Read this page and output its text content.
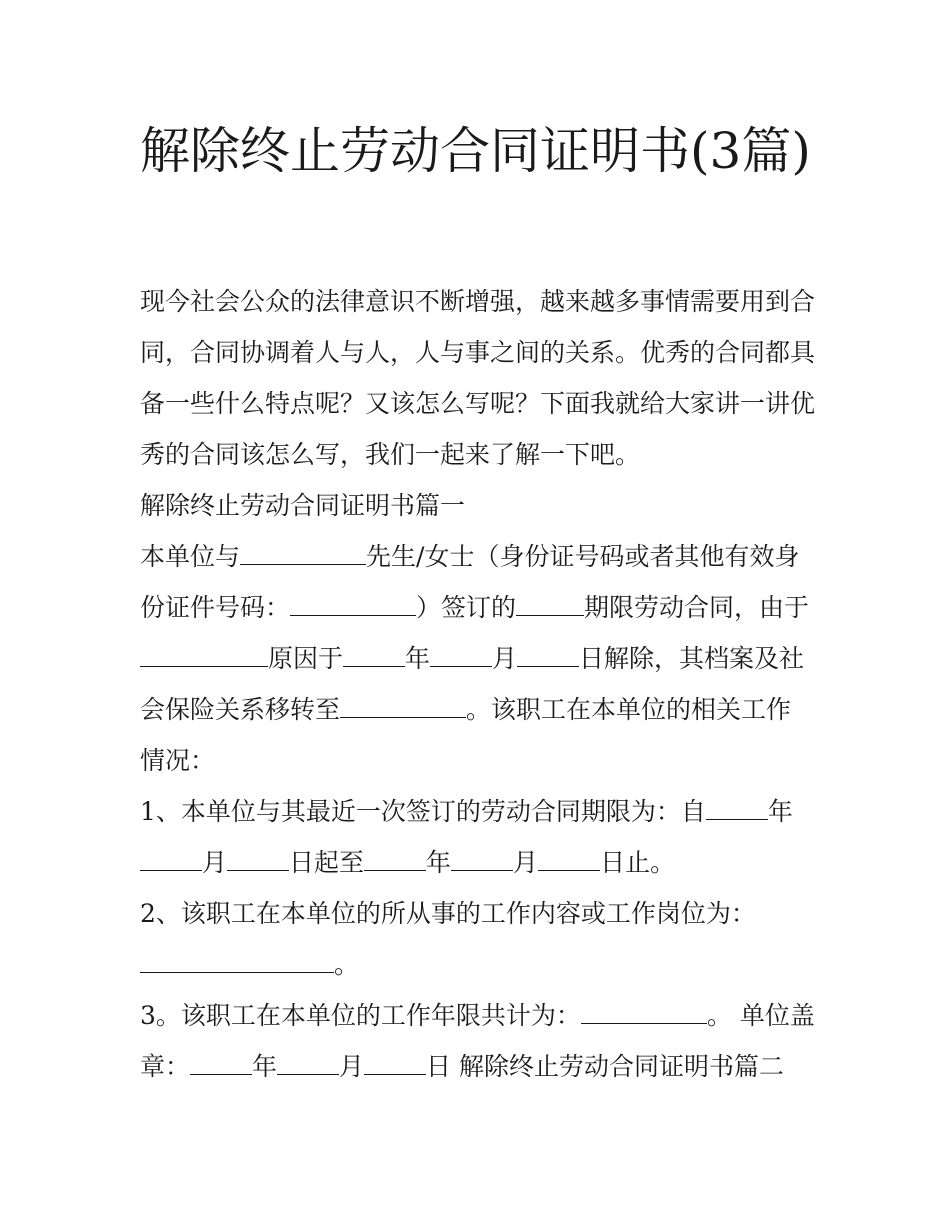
解除终止劳动合同证明书(3篇)

现今社会公众的法律意识不断增强，越来越多事情需要用到合同，合同协调着人与人，人与事之间的关系。优秀的合同都具备一些什么特点呢？又该怎么写呢？下面我就给大家讲一讲优秀的合同该怎么写，我们一起来了解一下吧。

解除终止劳动合同证明书篇一

本单位与	先生/女士（身份证号码或者其他有效身份证件号码：	）签订的	期限劳动合同，由于原因于 年 月 日解除，其档案及社会保险关系移转至	。该职工在本单位的相关工作情况：

1、本单位与其最近一次签订的劳动合同期限为：自 年
月 日起至 年 月 日止。

2、该职工在本单位的所从事的工作内容或工作岗位为：
。

3。该职工在本单位的工作年限共计为：	。 单位盖章： 年 月 日 解除终止劳动合同证明书篇二
